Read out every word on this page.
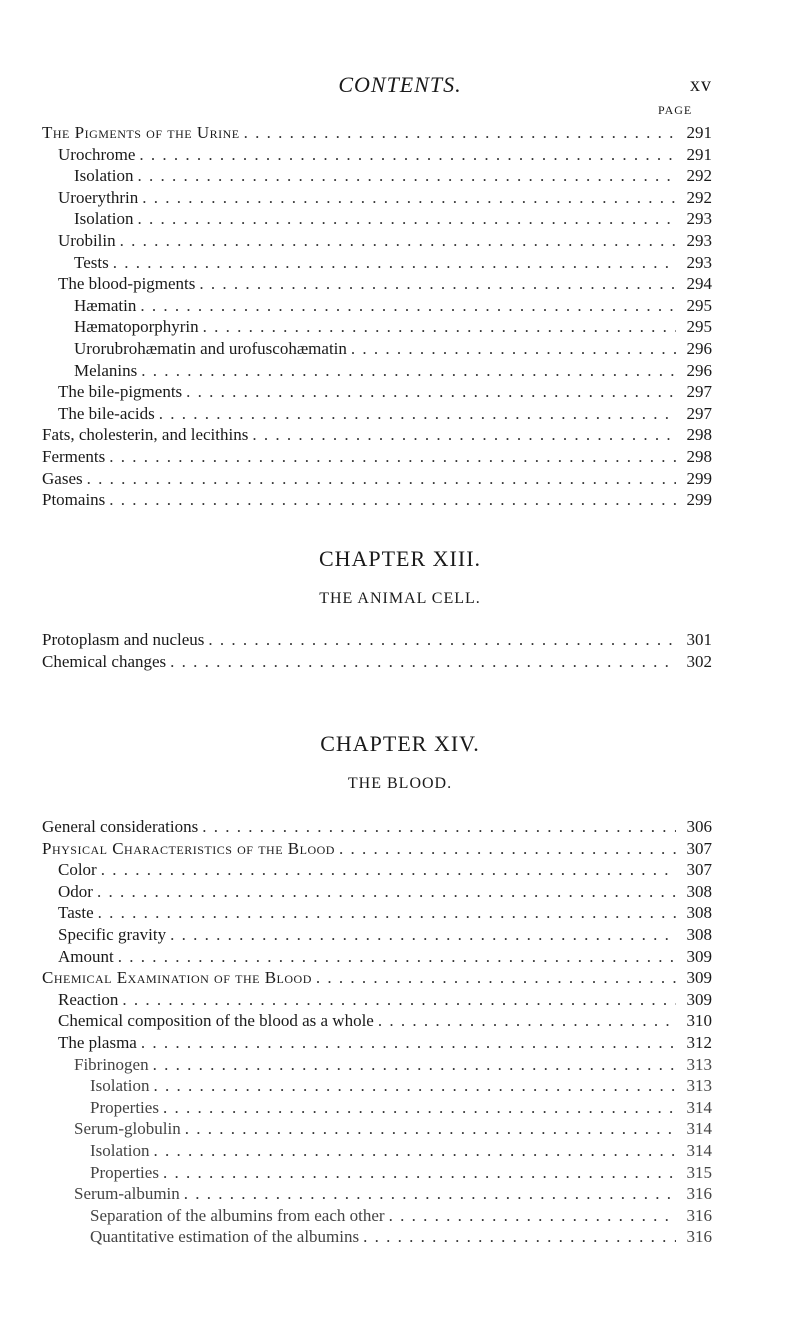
CONTENTS.	xv
PAGE
The Pigments of the Urine . . .	291
Urochrome . . .	291
Isolation . . .	292
Uroerythrin . . .	292
Isolation . . .	293
Urobilin . . .	293
Tests . . .	293
The blood-pigments . . .	294
Hæmatin . . .	295
Hæmatoporphyrin . . .	295
Urorubrohæmatin and urofuscohæmatin . . .	296
Melanins . . .	296
The bile-pigments . . .	297
The bile-acids . . .	297
Fats, cholesterin, and lecithins . . .	298
Ferments . . .	298
Gases . . .	299
Ptomains . . .	299
CHAPTER XIII.
THE ANIMAL CELL.
Protoplasm and nucleus . . .	301
Chemical changes . . .	302
CHAPTER XIV.
THE BLOOD.
General considerations . . .	306
Physical Characteristics of the Blood . . .	307
Color . . .	307
Odor . . .	308
Taste . . .	308
Specific gravity . . .	308
Amount . . .	309
Chemical Examination of the Blood . . .	309
Reaction . . .	309
Chemical composition of the blood as a whole . . .	310
The plasma . . .	312
Fibrinogen . . .	313
Isolation . . .	313
Properties . . .	314
Serum-globulin . . .	314
Isolation . . .	314
Properties . . .	315
Serum-albumin . . .	316
Separation of the albumins from each other . . .	316
Quantitative estimation of the albumins . . .	316
